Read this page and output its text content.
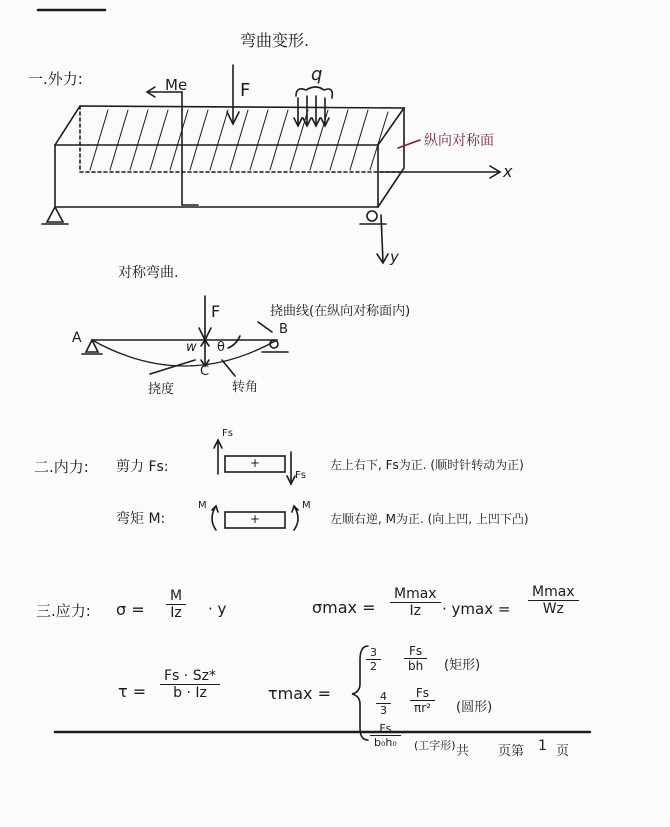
弯曲变形.
一.外力:	Me	F
q
纵向对称面
x
y
对称弯曲.
F	挠曲线(在纵向对称面内)
A
B
C
w θ
挠度	转角
二.内力: 剪力 Fs:
Fs
Fs
+	左上右下, Fs为正. (顺时针转动为正)
弯矩 M:
M	M
+	左顺右逆, M为正. (向上凹, 上凹下凸)
三.应力: $\sigma = \frac{M}{Iz} \cdot y$	σmax =
Mmax
Iz	· ymax =
Mmax
Wz
$\tau = \frac{Fs \cdot Sz*}{b \cdot Iz}$	τmax =
$\frac{3}{2} \frac{Fs}{bh}$ (矩形)
$\frac{4}{3} \frac{Fs}{\text{πr²}}$ (圆形)
$\frac{Fs}{\text{b₀h₀}}$ (工字形) 共 页第 1 页
